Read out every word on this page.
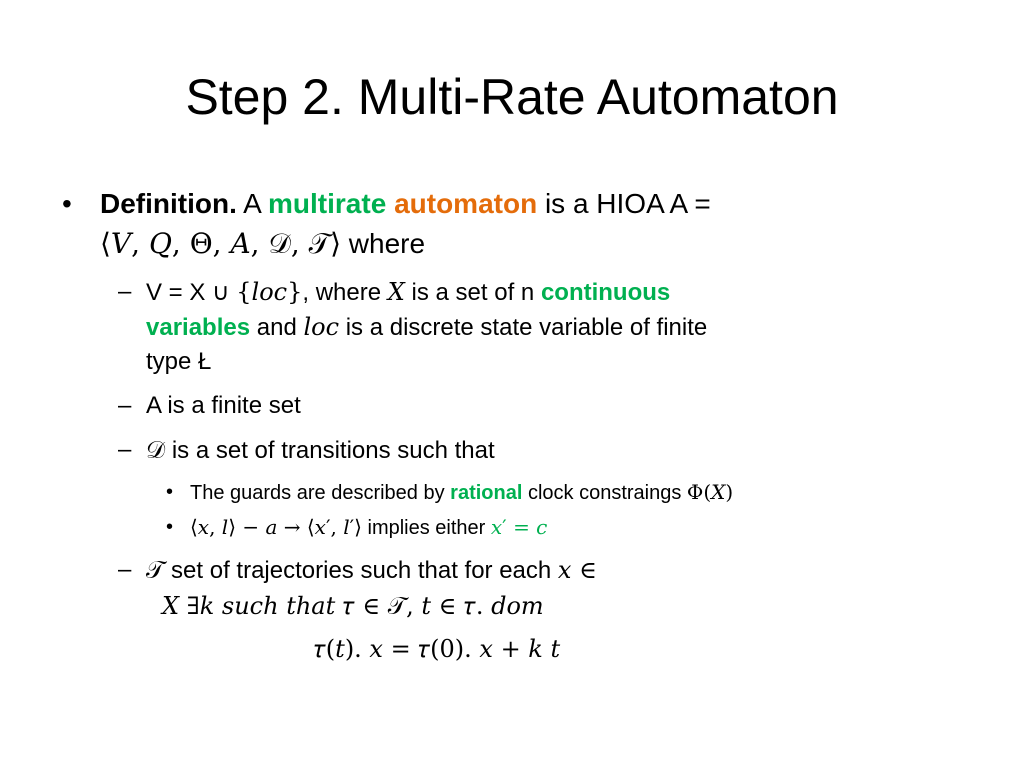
Step 2. Multi-Rate Automaton
• Definition. A multirate automaton is a HIOA A =
⟨𝑉, 𝑄, Θ, 𝐴, 𝒟, 𝒯⟩ where
– V = X ∪ {𝑙𝑜𝑐}, where 𝑋 is a set of n continuous
variables and 𝑙𝑜𝑐 is a discrete state variable of finite
type Ł
– A is a finite set
– 𝒟 is a set of transitions such that
• The guards are described by rational clock constraings Φ(𝑋)
• ⟨𝑥, 𝑙⟩ − 𝑎 → ⟨𝑥′, 𝑙′⟩ implies either 𝑥′ = 𝑐
– 𝒯 set of trajectories such that for each 𝑥 ∈
𝑋 ∃𝑘 𝑠𝑢𝑐ℎ 𝑡ℎ𝑎𝑡 𝜏 ∈ 𝒯, 𝑡 ∈ 𝜏. 𝑑𝑜𝑚
𝜏(𝑡). 𝑥 = 𝜏(0). 𝑥 + 𝑘 𝑡
